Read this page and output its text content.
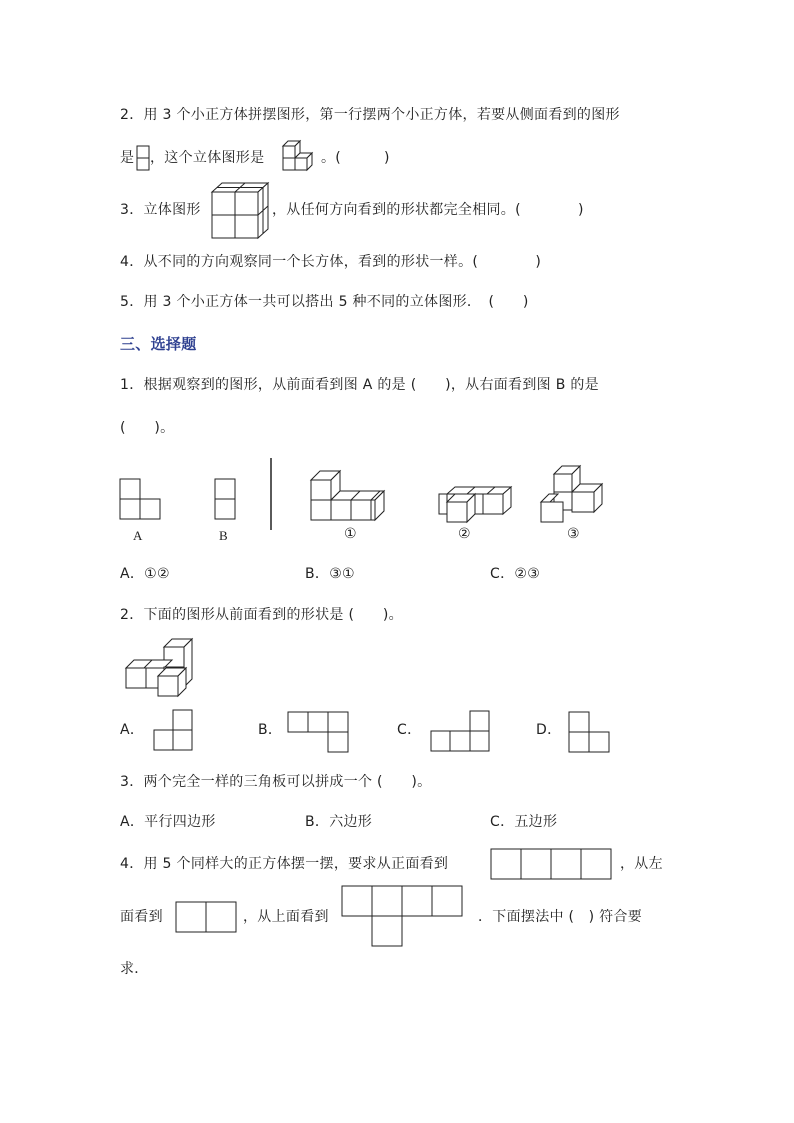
2．用 3 个小正方体拼摆图形，第一行摆两个小正方体，若要从侧面看到的图形
是 ，这个立体图形是	。(　　　)
3．立体图形	，从任何方向看到的形状都完全相同。(　　　　)
4．从不同的方向观察同一个长方体，看到的形状一样。(　　　　)
5．用 3 个小正方体一共可以搭出 5 种不同的立体图形．　(　　)
三、选择题
1．根据观察到的图形，从前面看到图 A 的是 (　　)，从右面看到图 B 的是
(　　)。
A	B	①	②	③
A．①②	B．③①	C．②③
2．下面的图形从前面看到的形状是 (　　)。
A．	B．	C．	D．
3．两个完全一样的三角板可以拼成一个 (　　)。
A．平行四边形	B．六边形	C．五边形
4．用 5 个同样大的正方体摆一摆，要求从正面看到	，从左
面看到	，从上面看到	．下面摆法中 (　) 符合要
求．
